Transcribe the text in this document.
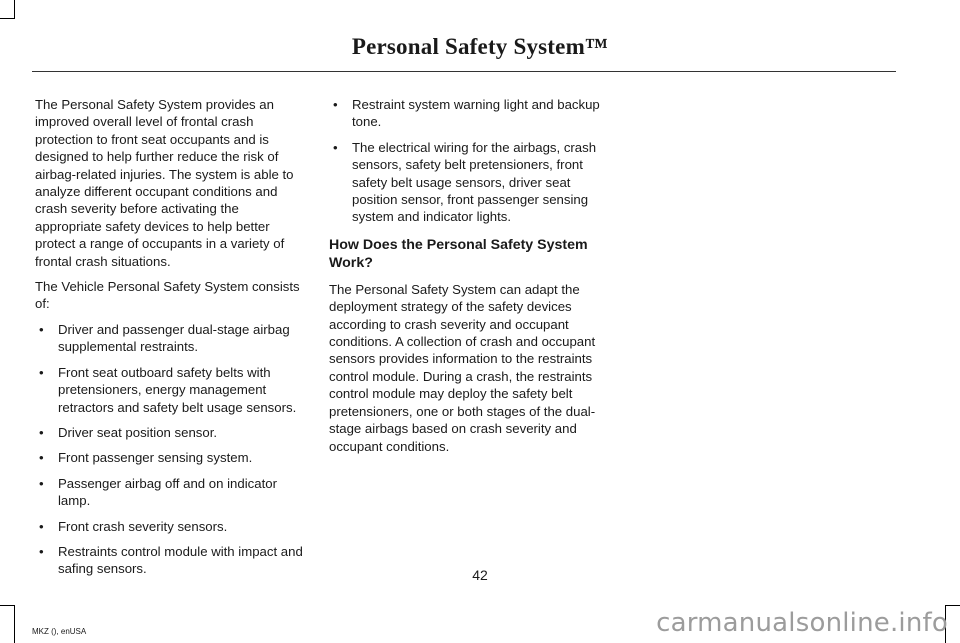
Personal Safety System™

The Personal Safety System provides an improved overall level of frontal crash protection to front seat occupants and is designed to help further reduce the risk of airbag-related injuries. The system is able to analyze different occupant conditions and crash severity before activating the appropriate safety devices to help better protect a range of occupants in a variety of frontal crash situations.

The Vehicle Personal Safety System consists of:

• Driver and passenger dual-stage airbag supplemental restraints.
• Front seat outboard safety belts with pretensioners, energy management retractors and safety belt usage sensors.
• Driver seat position sensor.
• Front passenger sensing system.
• Passenger airbag off and on indicator lamp.
• Front crash severity sensors.
• Restraints control module with impact and safing sensors.
• Restraint system warning light and backup tone.
• The electrical wiring for the airbags, crash sensors, safety belt pretensioners, front safety belt usage sensors, driver seat position sensor, front passenger sensing system and indicator lights.
How Does the Personal Safety System Work?

The Personal Safety System can adapt the deployment strategy of the safety devices according to crash severity and occupant conditions. A collection of crash and occupant sensors provides information to the restraints control module. During a crash, the restraints control module may deploy the safety belt pretensioners, one or both stages of the dual-stage airbags based on crash severity and occupant conditions.

42
MKZ (), enUSA	carmanualsonline.info
